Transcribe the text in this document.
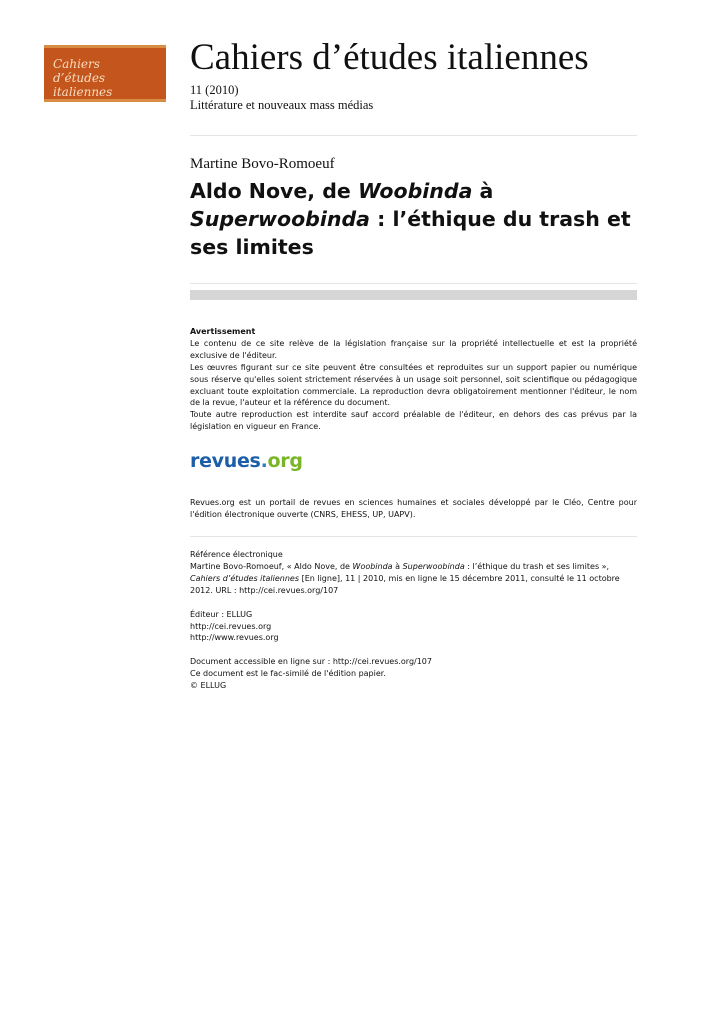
Cahiers
d’études italiennes
Cahiers d’études italiennes
11 (2010)
Littérature et nouveaux mass médias
Martine Bovo-Romoeuf
Aldo Nove, de Woobinda à Superwoobinda : l’éthique du trash et ses limites

Avertissement

Le contenu de ce site relève de la législation française sur la propriété intellectuelle et est la propriété exclusive de l'éditeur.

Les œuvres figurant sur ce site peuvent être consultées et reproduites sur un support papier ou numérique sous réserve qu'elles soient strictement réservées à un usage soit personnel, soit scientifique ou pédagogique excluant toute exploitation commerciale. La reproduction devra obligatoirement mentionner l'éditeur, le nom de la revue, l'auteur et la référence du document.

Toute autre reproduction est interdite sauf accord préalable de l'éditeur, en dehors des cas prévus par la législation en vigueur en France.

revues.org
Revues.org est un portail de revues en sciences humaines et sociales développé par le Cléo, Centre pour l'édition électronique ouverte (CNRS, EHESS, UP, UAPV).

Référence électronique

Martine Bovo-Romoeuf, « Aldo Nove, de Woobinda à Superwoobinda : l’éthique du trash et ses limites », Cahiers d’études italiennes [En ligne], 11 | 2010, mis en ligne le 15 décembre 2011, consulté le 11 octobre 2012. URL : http://cei.revues.org/107

Éditeur : ELLUG

http://cei.revues.org

http://www.revues.org

Document accessible en ligne sur : http://cei.revues.org/107

Ce document est le fac-similé de l'édition papier.

© ELLUG
